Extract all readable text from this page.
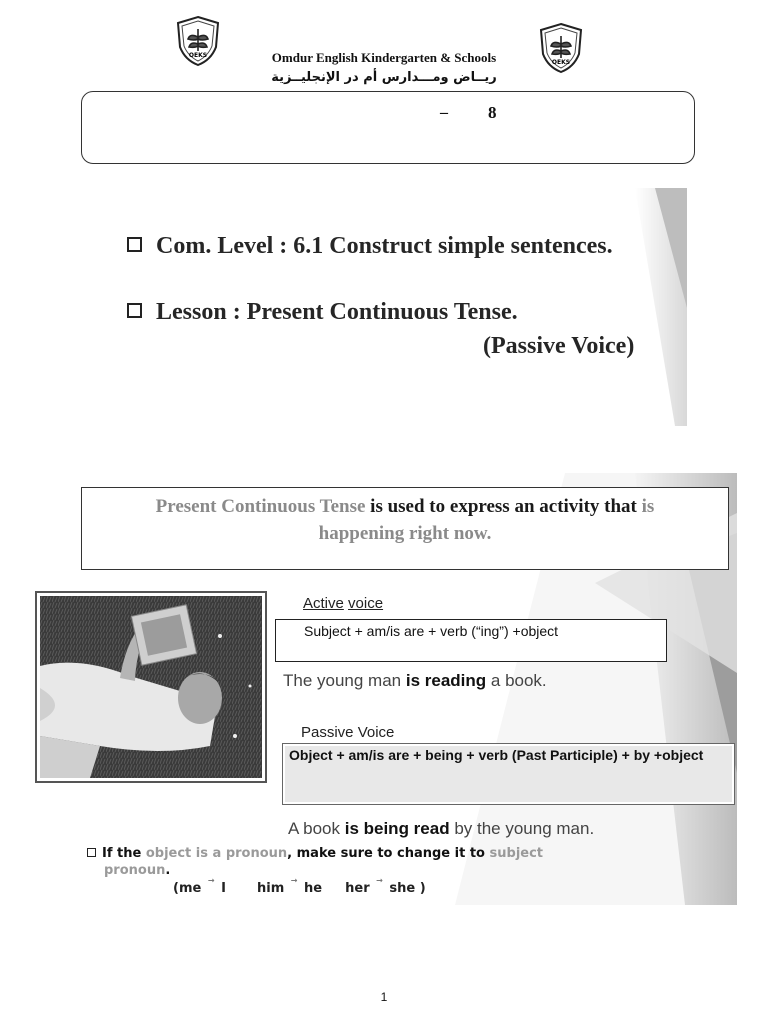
OEKS
OEKS
Omdur English Kindergarten & Schools
ريــاض ومـــدارس أم در الإنجليــزية
– 8
Com. Level : 6.1 Construct simple sentences.
Lesson : Present Continuous Tense.
(Passive Voice)
Present Continuous Tense is used to express an activity that is
happening right now.
Active voice
Subject + am/is are + verb (“ing”) +object
The young man is reading a book.
Passive Voice
Object + am/is are + being + verb (Past Participle) + by +object
A book is being read by the young man.
If the object is a pronoun, make sure to change it to subject
pronoun.
(me → I him → he her → she )
1
